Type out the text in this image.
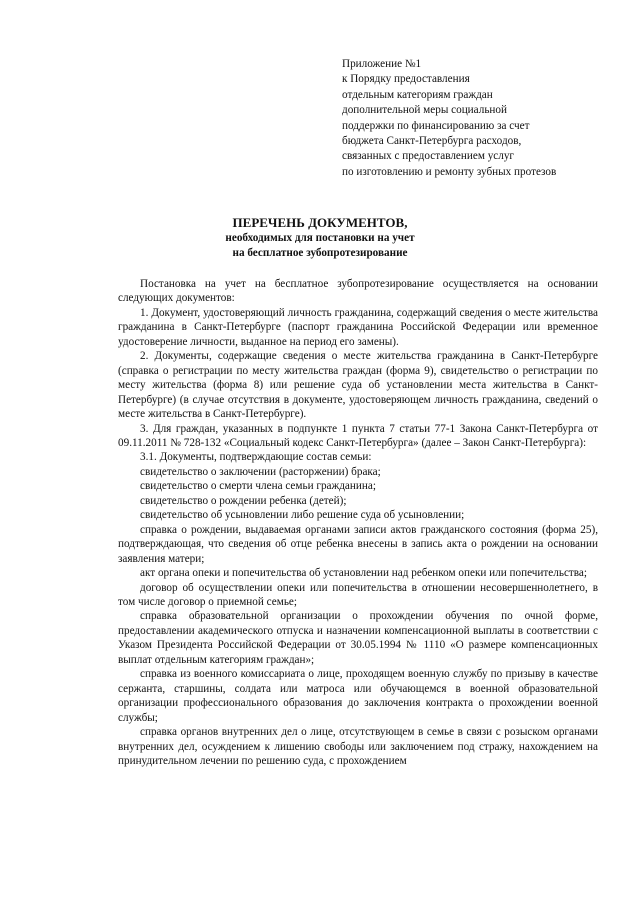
Приложение №1
к Порядку предоставления
отдельным категориям граждан
дополнительной меры социальной
поддержки по финансированию за счет
бюджета Санкт-Петербурга расходов,
связанных с предоставлением услуг
по изготовлению и ремонту зубных протезов
ПЕРЕЧЕНЬ ДОКУМЕНТОВ,
необходимых для постановки на учет
на бесплатное зубопротезирование

Постановка на учет на бесплатное зубопротезирование осуществляется на основании следующих документов:

1. Документ, удостоверяющий личность гражданина, содержащий сведения о месте жительства гражданина в Санкт-Петербурге (паспорт гражданина Российской Федерации или временное удостоверение личности, выданное на период его замены).

2. Документы, содержащие сведения о месте жительства гражданина в Санкт-Петербурге (справка о регистрации по месту жительства граждан (форма 9), свидетельство о регистрации по месту жительства (форма 8) или решение суда об установлении места жительства в Санкт-Петербурге) (в случае отсутствия в документе, удостоверяющем личность гражданина, сведений о месте жительства в Санкт-Петербурге).

3. Для граждан, указанных в подпункте 1 пункта 7 статьи 77-1 Закона Санкт-Петербурга от 09.11.2011 № 728-132 «Социальный кодекс Санкт-Петербурга» (далее – Закон Санкт-Петербурга):

3.1. Документы, подтверждающие состав семьи:

свидетельство о заключении (расторжении) брака;

свидетельство о смерти члена семьи гражданина;

свидетельство о рождении ребенка (детей);

свидетельство об усыновлении либо решение суда об усыновлении;

справка о рождении, выдаваемая органами записи актов гражданского состояния (форма 25), подтверждающая, что сведения об отце ребенка внесены в запись акта о рождении на основании заявления матери;

акт органа опеки и попечительства об установлении над ребенком опеки или попечительства;

договор об осуществлении опеки или попечительства в отношении несовершеннолетнего, в том числе договор о приемной семье;

справка образовательной организации о прохождении обучения по очной форме, предоставлении академического отпуска и назначении компенсационной выплаты в соответствии с Указом Президента Российской Федерации от 30.05.1994 № 1110 «О размере компенсационных выплат отдельным категориям граждан»;

справка из военного комиссариата о лице, проходящем военную службу по призыву в качестве сержанта, старшины, солдата или матроса или обучающемся в военной образовательной организации профессионального образования до заключения контракта о прохождении военной службы;

справка органов внутренних дел о лице, отсутствующем в семье в связи с розыском органами внутренних дел, осуждением к лишению свободы или заключением под стражу, нахождением на принудительном лечении по решению суда, с прохождением
